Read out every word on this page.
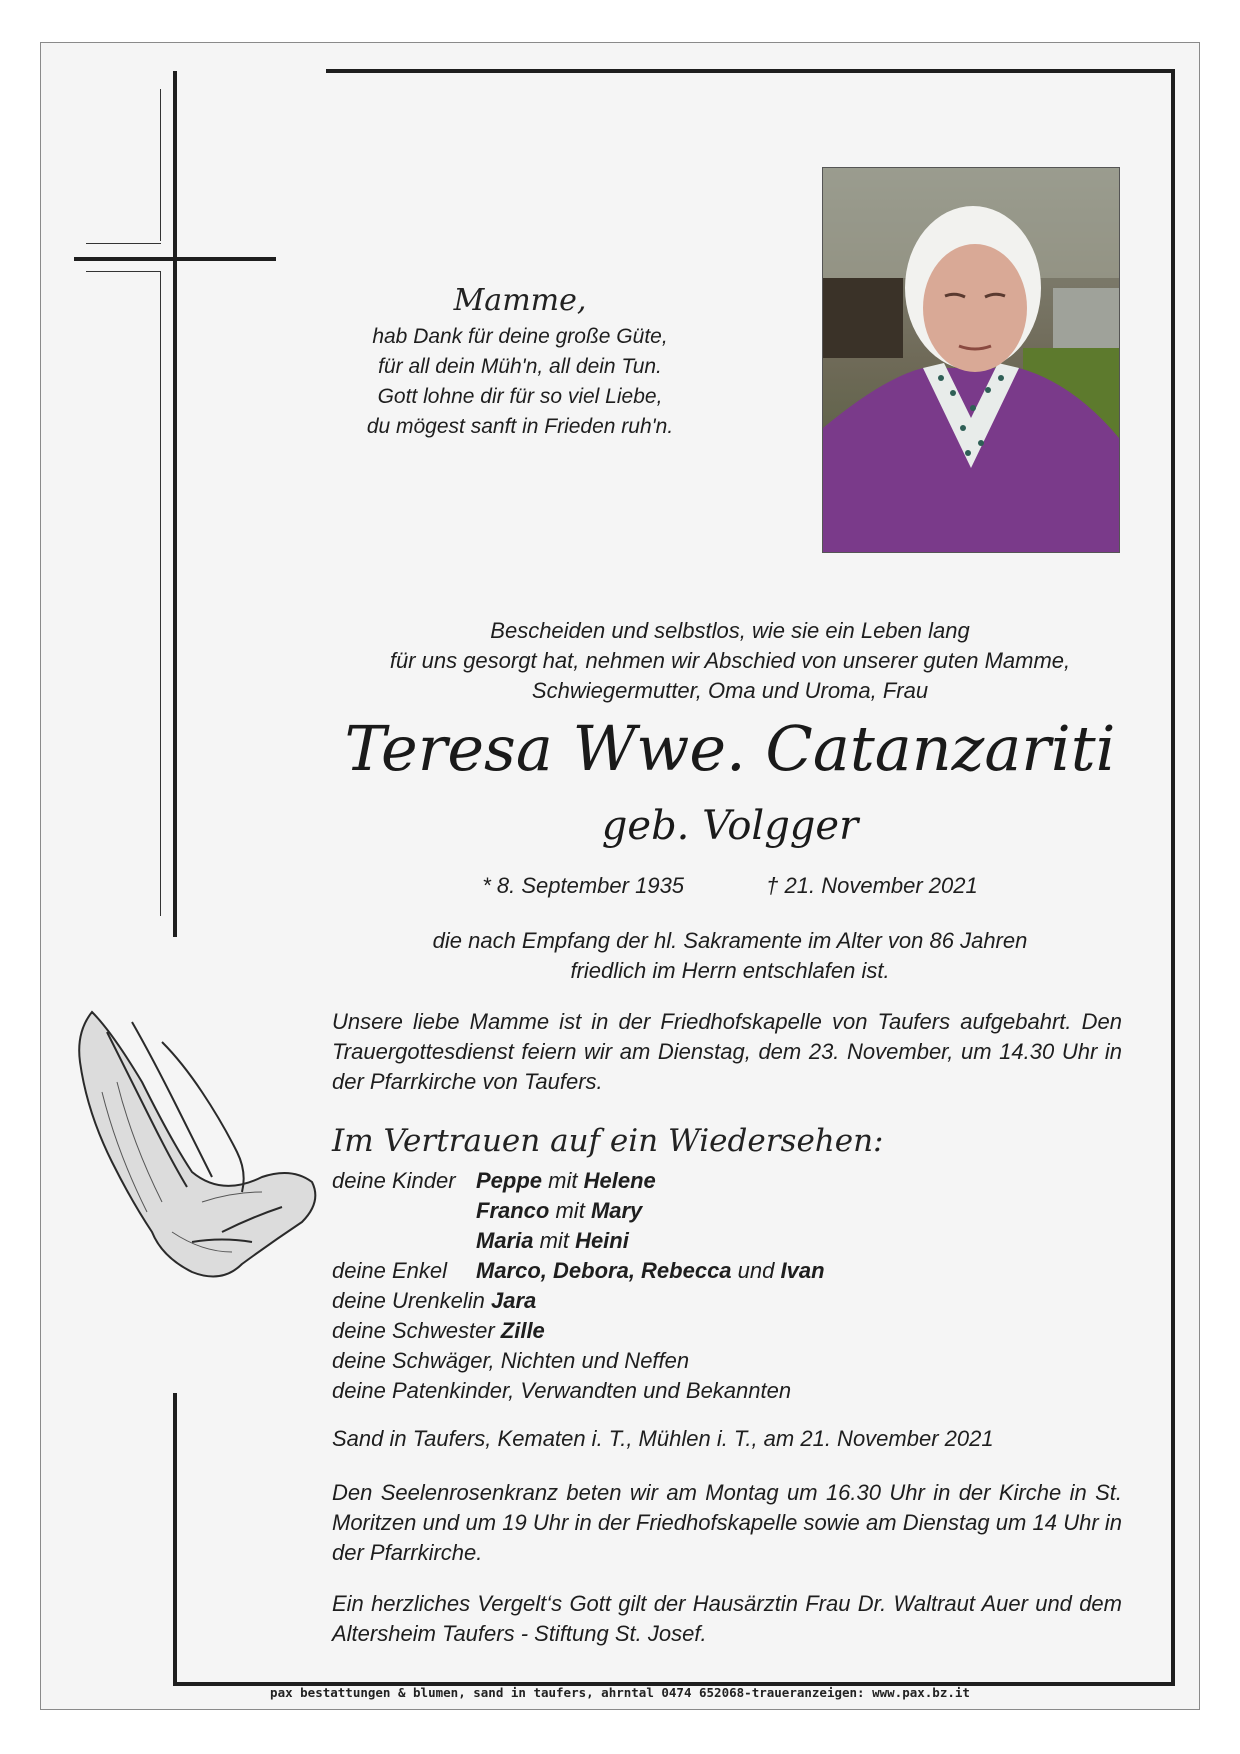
Mamme,
hab Dank für deine große Güte,
für all dein Müh'n, all dein Tun.
Gott lohne dir für so viel Liebe,
du mögest sanft in Frieden ruh'n.
Bescheiden und selbstlos, wie sie ein Leben lang
für uns gesorgt hat, nehmen wir Abschied von unserer guten Mamme,
Schwiegermutter, Oma und Uroma, Frau
Teresa Wwe. Catanzariti
geb. Volgger
* 8. September 1935	† 21. November 2021
die nach Empfang der hl. Sakramente im Alter von 86 Jahren
friedlich im Herrn entschlafen ist.
Unsere liebe Mamme ist in der Friedhofskapelle von Taufers aufgebahrt. Den Trauergottesdienst feiern wir am Dienstag, dem 23. November, um 14.30 Uhr in der Pfarrkirche von Taufers.
Im Vertrauen auf ein Wiedersehen:
deine Kinder Peppe mit Helene
Franco mit Mary
Maria mit Heini
deine Enkel	Marco, Debora, Rebecca und Ivan
deine Urenkelin Jara
deine Schwester Zille
deine Schwäger, Nichten und Neffen
deine Patenkinder, Verwandten und Bekannten
Sand in Taufers, Kematen i. T., Mühlen i. T., am 21. November 2021
Den Seelenrosenkranz beten wir am Montag um 16.30 Uhr in der Kirche in St. Moritzen und um 19 Uhr in der Friedhofskapelle sowie am Dienstag um 14 Uhr in der Pfarrkirche.
Ein herzliches Vergelt‘s Gott gilt der Hausärztin Frau Dr. Waltraut Auer und dem Altersheim Taufers - Stiftung St. Josef.
pax bestattungen & blumen, sand in taufers, ahrntal 0474 652068-traueranzeigen: www.pax.bz.it
